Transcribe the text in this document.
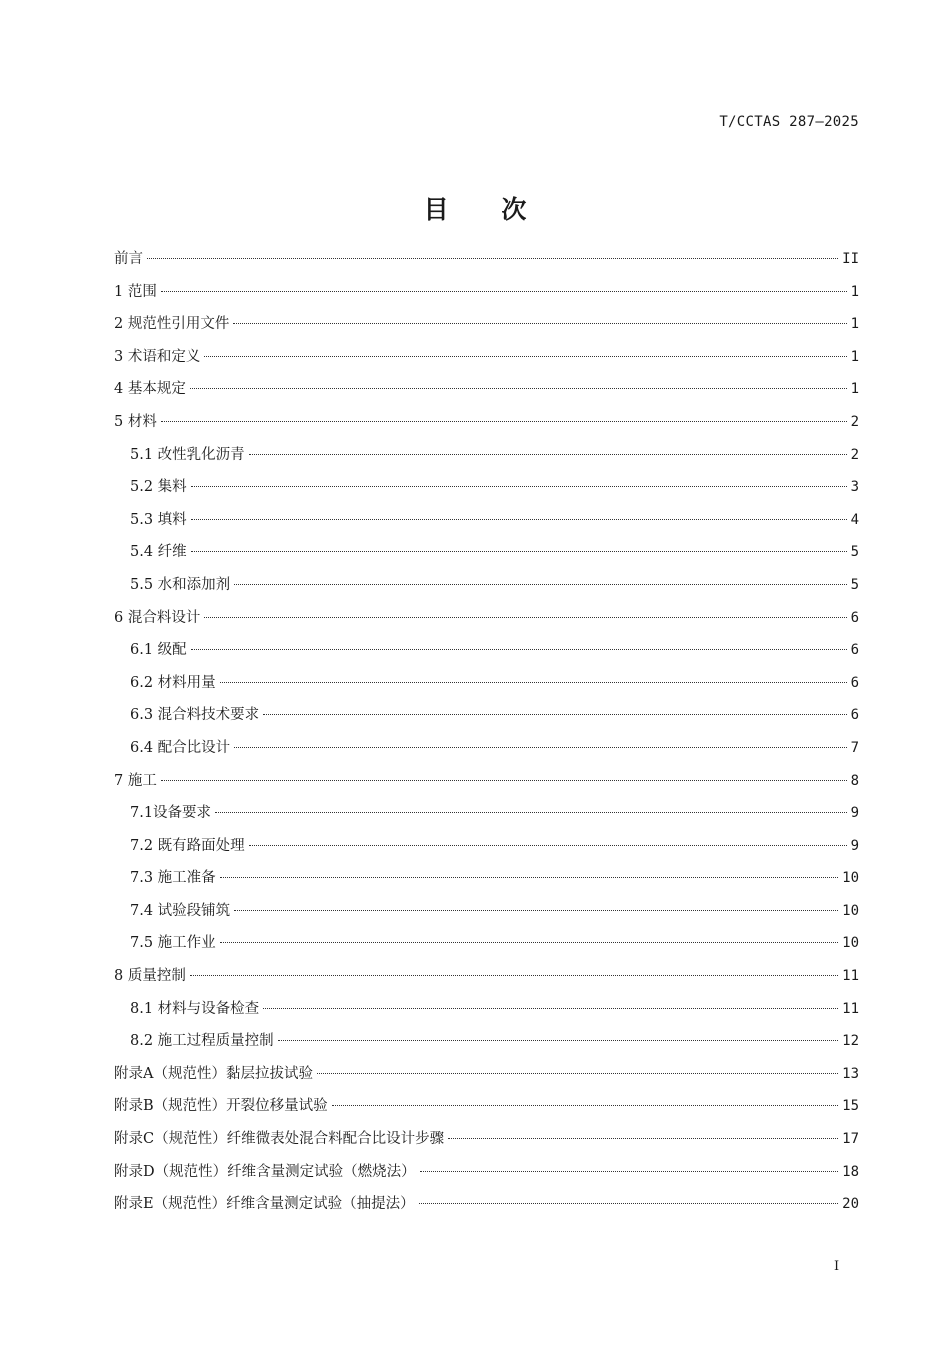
T/CCTAS 287—2025
目 次
前言	II
1 范围	1
2 规范性引用文件	1
3 术语和定义	1
4 基本规定	1
5 材料	2
5.1 改性乳化沥青	2
5.2 集料	3
5.3 填料	4
5.4 纤维	5
5.5 水和添加剂	5
6 混合料设计	6
6.1 级配	6
6.2 材料用量	6
6.3 混合料技术要求	6
6.4 配合比设计	7
7 施工	8
7.1设备要求	9
7.2 既有路面处理	9
7.3 施工准备	10
7.4 试验段铺筑	10
7.5 施工作业	10
8 质量控制	11
8.1 材料与设备检查	11
8.2 施工过程质量控制	12
附录A（规范性）黏层拉拔试验	13
附录B（规范性）开裂位移量试验	15
附录C（规范性）纤维微表处混合料配合比设计步骤	17
附录D（规范性）纤维含量测定试验（燃烧法）	18
附录E（规范性）纤维含量测定试验（抽提法）	20
I
